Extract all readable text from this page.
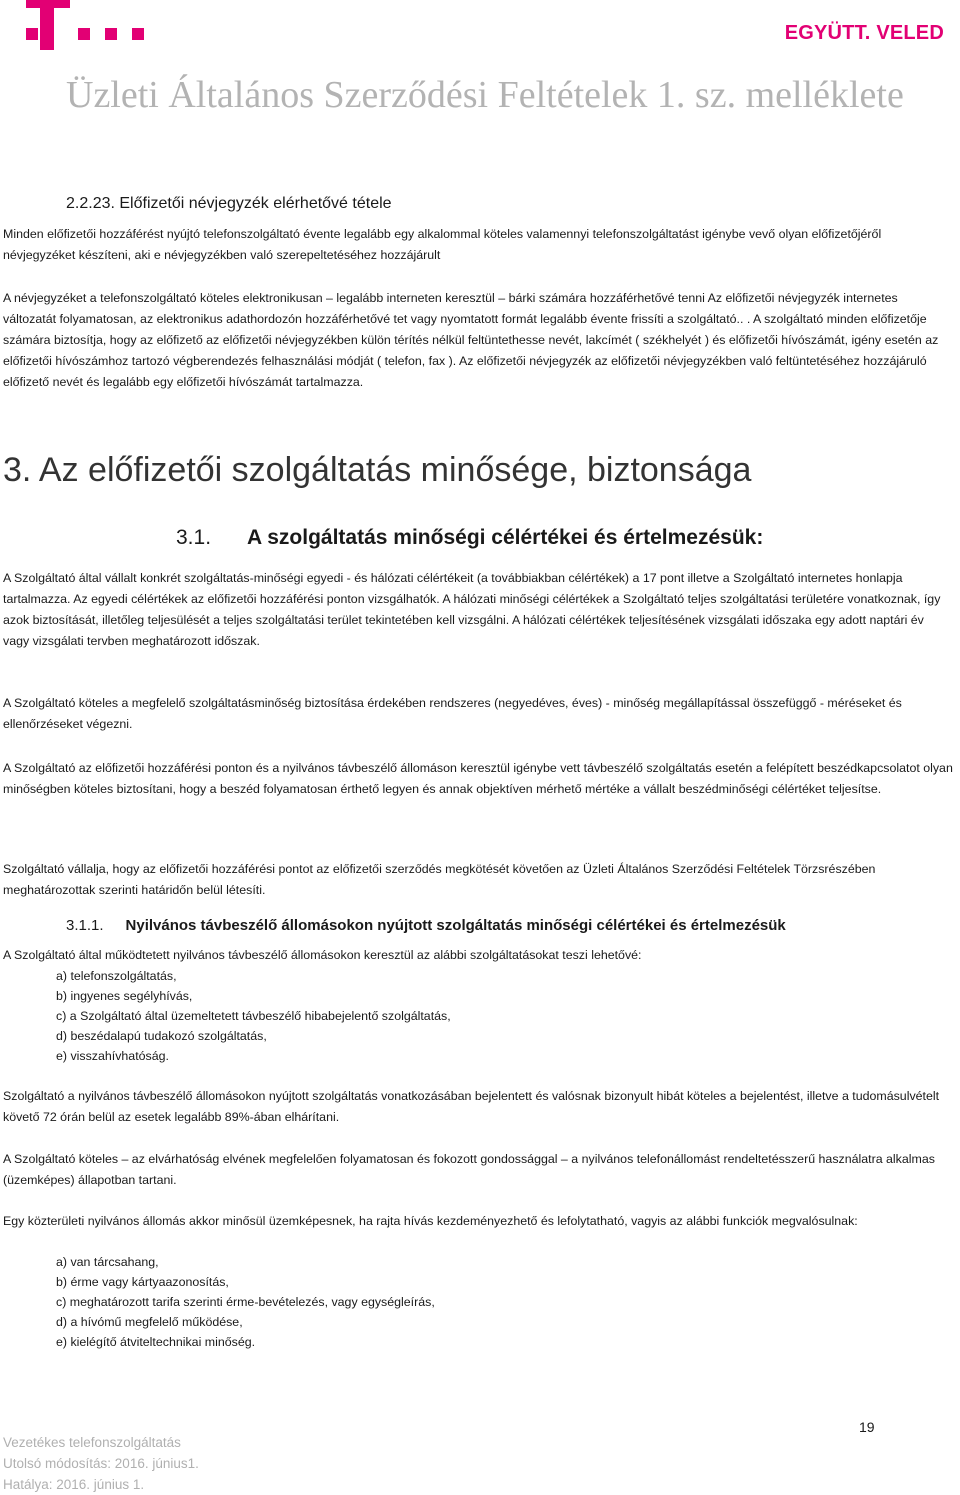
EGYÜTT. VELED
Üzleti Általános Szerződési Feltételek 1. sz. melléklete
2.2.23. Előfizetői névjegyzék elérhetővé tétele

Minden előfizetői hozzáférést nyújtó telefonszolgáltató évente legalább egy alkalommal köteles valamennyi telefonszolgáltatást igénybe vevő olyan előfizetőjéről névjegyzéket készíteni, aki e névjegyzékben való szerepeltetéséhez hozzájárult

A névjegyzéket a telefonszolgáltató köteles elektronikusan – legalább interneten keresztül – bárki számára hozzáférhetővé tenni Az előfizetői névjegyzék internetes változatát folyamatosan, az elektronikus adathordozón hozzáférhetővé tet vagy nyomtatott formát legalább évente frissíti a szolgáltató.. . A szolgáltató minden előfizetője számára biztosítja, hogy az előfizető az előfizetői névjegyzékben külön térítés nélkül feltüntethesse nevét, lakcímét ( székhelyét ) és előfizetői hívószámát, igény esetén az előfizetői hívószámhoz tartozó végberendezés felhasználási módját ( telefon, fax ). Az előfizetői névjegyzék az előfizetői névjegyzékben való feltüntetéséhez hozzájáruló előfizető nevét és legalább egy előfizetői hívószámát tartalmazza.

3. Az előfizetői szolgáltatás minősége, biztonsága
3.1. A szolgáltatás minőségi célértékei és értelmezésük:

A Szolgáltató által vállalt konkrét szolgáltatás-minőségi egyedi - és hálózati célértékeit (a továbbiakban célértékek) a 17 pont illetve a Szolgáltató internetes honlapja tartalmazza. Az egyedi célértékek az előfizetői hozzáférési ponton vizsgálhatók. A hálózati minőségi célértékek a Szolgáltató teljes szolgáltatási területére vonatkoznak, így azok biztosítását, illetőleg teljesülését a teljes szolgáltatási terület tekintetében kell vizsgálni. A hálózati célértékek teljesítésének vizsgálati időszaka egy adott naptári év vagy vizsgálati tervben meghatározott időszak.

A Szolgáltató köteles a megfelelő szolgáltatásminőség biztosítása érdekében rendszeres (negyedéves, éves) - minőség megállapítással összefüggő - méréseket és ellenőrzéseket végezni.

A Szolgáltató az előfizetői hozzáférési ponton és a nyilvános távbeszélő állomáson keresztül igénybe vett távbeszélő szolgáltatás esetén a felépített beszédkapcsolatot olyan minőségben köteles biztosítani, hogy a beszéd folyamatosan érthető legyen és annak objektíven mérhető mértéke a vállalt beszédminőségi célértéket teljesítse.

Szolgáltató vállalja, hogy az előfizetői hozzáférési pontot az előfizetői szerződés megkötését követően az Üzleti Általános Szerződési Feltételek Törzsrészében meghatározottak szerinti határidőn belül létesíti.

3.1.1. Nyilvános távbeszélő állomásokon nyújtott szolgáltatás minőségi célértékei és értelmezésük

A Szolgáltató által működtetett nyilvános távbeszélő állomásokon keresztül az alábbi szolgáltatásokat teszi lehetővé:

a) telefonszolgáltatás,
b) ingyenes segélyhívás,
c) a Szolgáltató által üzemeltetett távbeszélő hibabejelentő szolgáltatás,
d) beszédalapú tudakozó szolgáltatás,
e) visszahívhatóság.

Szolgáltató a nyilvános távbeszélő állomásokon nyújtott szolgáltatás vonatkozásában bejelentett és valósnak bizonyult hibát köteles a bejelentést, illetve a tudomásulvételt követő 72 órán belül az esetek legalább 89%-ában elhárítani.

A Szolgáltató köteles – az elvárhatóság elvének megfelelően folyamatosan és fokozott gondossággal – a nyilvános telefonállomást rendeltetésszerű használatra alkalmas (üzemképes) állapotban tartani.

Egy közterületi nyilvános állomás akkor minősül üzemképesnek, ha rajta hívás kezdeményezhető és lefolytatható, vagyis az alábbi funkciók megvalósulnak:

a) van tárcsahang,
b) érme vagy kártyaazonosítás,
c) meghatározott tarifa szerinti érme-bevételezés, vagy egységleírás,
d) a hívómű megfelelő működése,
e) kielégítő átviteltechnikai minőség.
19
Vezetékes telefonszolgáltatás
Utolsó módosítás: 2016. június1.
Hatálya: 2016. június 1.
